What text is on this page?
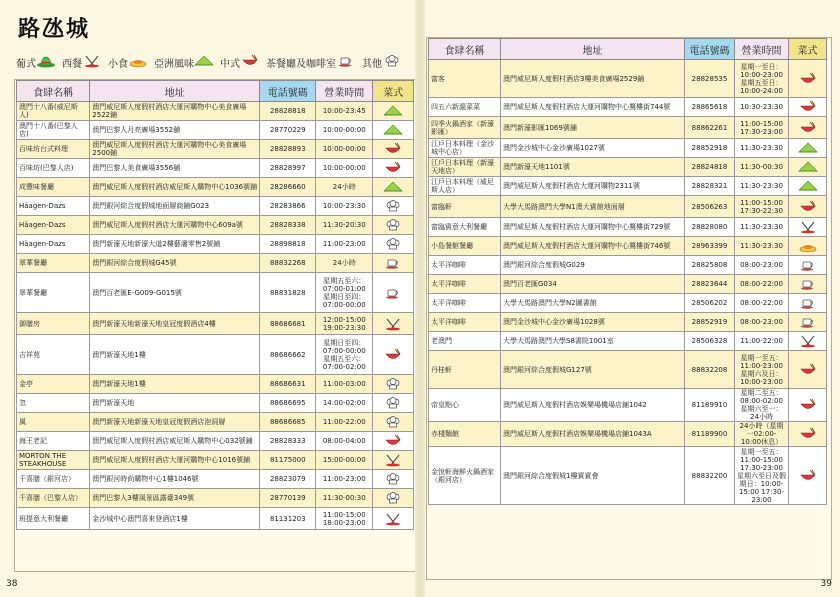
路氹城
葡式	西餐	小食	亞洲風味	中式	茶餐廳及咖啡室	其他
食肆名稱	地址	電話號碼	營業時間	菜式
澳門十八番(威尼斯人)	澳門威尼斯人度假村酒店大運河購物中心美食廣場2522鋪	28828818	10:00-23:45	

澳門十八番(巴黎人店)	澳門巴黎人月亮廣場3552舖	28770229	10:00-00:00	

百味坊台式料理	澳門威尼斯人度假村酒店大運河購物中心美食廣場2500鋪	28828893	10:00-00:00	

百味坊(巴黎人店)	澳門巴黎人美食廣場3556舖	28828997	10:00-00:00	

成豐味餐廳	澳門威尼斯人度假村酒店威尼斯人購物中心1036號鋪	28286660	24小時	

Häagen-Dazs	澳門銀河綜合度假城地面層商鋪G023	28283866	10:00-23:30	

Häagen-Dazs	澳門威尼斯人度假村酒店大運河購物中心609a號	28828338	11:30-20:30	

Häagen-Dazs	澳門新濠天地新濠大道2樓藝瀋零售2號鋪	28898818	11:00-23:00	

翠華餐廳	澳門銀河綜合度假城G45號	88832268	24小時	

翠華餐廳	澳門百老匯E-G009-G015號	88831828	星期五至六：07:00-01:00 星期日至四：07:00-00:00	

御膳房	澳門新濠天地新濠天地皇冠度假酒店4樓	88686681	12:00-15:00 19:00-23:30	

吉祥苑	澳門新濠天地1樓	88686662	星期日至四：07:00-00:00 星期五至六：07:00-02:00	

金亭	澳門新濠天地1樓	88686631	11:00-03:00	

忽	澳門新濠天地	88686695	14:00-02:00	

風	澳門新濠天地新濠天地皇冠度假酒店泡洞層	88686685	11:00-22:00	

海王老記	澳門威尼斯人度假村酒店威尼斯人購物中心032號鋪	28828333	08:00-04:00	

MORTON THE STEAKHOUSE	澳門威尼斯人度假村酒店大運河購物中心1016號鋪	81175000	15:00-00:00	

千喜膳（銀河店）	澳門銀河時尚購物中心1樓1046號	28823079	11:00-23:00	

千喜膳（巴黎人店）	澳門巴黎人3樓風景區露臺349號	28770139	11:30-00:30	

班提意大利餐廳	金沙城中心澳門喜來登酒店1樓	81131203	11:00-15:00 18:00-23:00	
38
食肆名稱	地址	電話號碼	營業時間	菜式
富客	澳門威尼斯人度假村酒店3樓美食廣場2529鋪	28828535	星期一至日：10:00-23:00 星期五至日：10:00-24:00	

四五六新滬菜菜	澳門威尼斯人度假村酒店大運河購物中心鶩樓街744號	28865618	10:30-23:30	

四季火鍋酒家（新濠影匯）	澳門新濠影匯1069號舖	88862261	11:00-15:00 17:30-23:00	

江戶日本料理（金沙城中心店）	澳門金沙城中心金沙廣場1027號	28852918	11:30-23:30	

江戶日本料理（新濠天地店）	澳門新濠天地1101號	28824818	11:30-00:30	

江戶日本料理（威尼斯人店）	澳門威尼斯人度假村酒店大運河購物2311號	28828321	11:30-23:30	

富臨軒	大學大馬路澳門大學N1澳大賓館地面層	28506263	11:00-15:00 17:30-22:30	

富臨賓意大利餐廳	澳門威尼斯人度假村酒店大運河購物中心鶩樓街729號	28828080	11:30-23:30	

小島餐館餐廳	澳門威尼斯人度假村酒店大運河購物中心鶩樓街746號	28963399	11:30-23:30	

太平洋咖啡	澳門銀河綜合度假城G029	28825808	08:00-23:00	

太平洋咖啡	澳門百老匯G034	28823644	08:00-22:00	

太平洋咖啡	大學大馬路澳門大學N2圖書館	28506202	08:00-22:00	

太平洋咖啡	澳門金沙城中心金沙廣場1028號	28852919	08:00-23:00	

老澳門	大學大馬路澳門大學S8書院1001室	28506328	11:00-22:00	

丹桂軒	澳門銀河綜合度假城G127號	88832208	星期一至五：11:00-23:00 星期六及日：10:00-23:00	

帝皇點心	澳門威尼斯人度假村酒店娛樂場機場店鋪1042	81189910	星期二至五：08:00-02:00 星期六至一：24小時	

赤棧麵館	澳門威尼斯人度假村酒店娛樂場機場店鋪1043A	81189900	24小時（星期一02:00-10:00休息）	

金悅軒海鮮火鍋酒家（銀河店）	澳門銀河綜合度假城1樓賓賓會	88832200	星期一至五：11:00-15:00 17:30-23:00 星期六至日及假期日：10:00-15:00 17:30-23:00	
39
